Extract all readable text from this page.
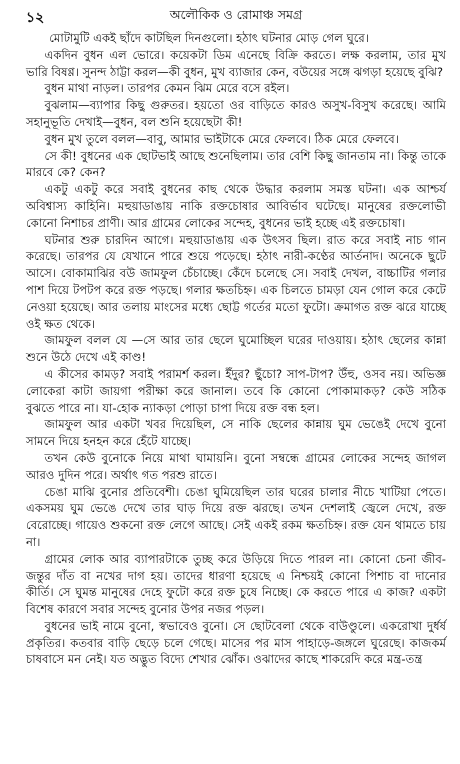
১২	অলৌকিক ও রোমাঞ্চ সমগ্র

মোটামুটি একই ছাঁদে কাটছিল দিনগুলো। হঠাৎ ঘটনার মোড় গেল ঘুরে।

একদিন বুধন এল ভোরে। কয়েকটা ডিম এনেছে বিক্রি করতে। লক্ষ করলাম, তার মুখ ভারি বিষণ্ণ। সুনন্দ ঠাট্টা করল—কী বুধন, মুখ ব্যাজার কেন, বউয়ের সঙ্গে ঝগড়া হয়েছে বুঝি?

বুধন মাথা নাড়ল। তারপর কেমন ঝিম মেরে বসে রইল।

বুঝলাম—ব্যাপার কিছু গুরুতর। হয়তো ওর বাড়িতে কারও অসুখ-বিসুখ করেছে। আমি সহানুভূতি দেখাই—বুধন, বল শুনি হয়েছেটা কী!

বুধন মুখ তুলে বলল—বাবু, আমার ভাইটাকে মেরে ফেলবে। ঠিক মেরে ফেলবে।

সে কী! বুধনের এক ছোটভাই আছে শুনেছিলাম। তার বেশি কিছু জানতাম না। কিন্তু তাকে মারবে কে? কেন?

একটু একটু করে সবাই বুধনের কাছ থেকে উদ্ধার করলাম সমস্ত ঘটনা। এক আশ্চর্য অবিশ্বাস্য কাহিনি। মহুয়াডাঙায় নাকি রক্তচোষার আবির্ভাব ঘটেছে। মানুষের রক্তলোভী কোনো নিশাচর প্রাণী। আর গ্রামের লোকের সন্দেহ, বুধনের ভাই হচ্ছে এই রক্তচোষা।

ঘটনার শুরু চারদিন আগে। মহুয়াডাঙায় এক উৎসব ছিল। রাত করে সবাই নাচ গান করেছে। তারপর যে যেখানে পারে শুয়ে পড়েছে। হঠাৎ নারী-কণ্ঠের আর্তনাদ। অনেকে ছুটে আসে। বোকামাঝির বউ জামফুল চেঁচাচ্ছে। কেঁদে চলেছে সে। সবাই দেখল, বাচ্চাটির গলার পাশ দিয়ে টপটপ করে রক্ত পড়ছে। গলার ক্ষতচিহ্ন। এক চিলতে চামড়া যেন গোল করে কেটে নেওয়া হয়েছে। আর তলায় মাংসের মধ্যে ছোট্ট গর্তের মতো ফুটো। ক্রমাগত রক্ত ঝরে যাচ্ছে ওই ক্ষত থেকে।

জামফুল বলল যে —সে আর তার ছেলে ঘুমোচ্ছিল ঘরের দাওয়ায়। হঠাৎ ছেলের কান্না শুনে উঠে দেখে এই কাণ্ড!

এ কীসের কামড়? সবাই পরামর্শ করল। ইঁদুর? ছুঁচো? সাপ-টাপ? উঁহু, ওসব নয়। অভিজ্ঞ লোকেরা কাটা জায়গা পরীক্ষা করে জানাল। তবে কি কোনো পোকামাকড়? কেউ সঠিক বুঝতে পারে না। যা-হোক ন্যাকড়া পোড়া চাপা দিয়ে রক্ত বন্ধ হল।

জামফুল আর একটা খবর দিয়েছিল, সে নাকি ছেলের কান্নায় ঘুম ভেঙেই দেখে বুনো সামনে দিয়ে হনহন করে হেঁটে যাচ্ছে।

তখন কেউ বুনোকে নিয়ে মাথা ঘামায়নি। বুনো সম্বন্ধে গ্রামের লোকের সন্দেহ জাগল আরও দুদিন পরে। অর্থাৎ গত পরশু রাতে।

চেঙা মাঝি বুনোর প্রতিবেশী। চেঙা ঘুমিয়েছিল তার ঘরের চালার নীচে খাটিয়া পেতে। একসময় ঘুম ভেঙে দেখে তার ঘাড় দিয়ে রক্ত ঝরছে। তখন দেশলাই জ্বেলে দেখে, রক্ত বেরোচ্ছে। গায়েও শুকনো রক্ত লেগে আছে। সেই একই রকম ক্ষতচিহ্ন। রক্ত যেন থামতে চায় না।

গ্রামের লোক আর ব্যাপারটাকে তুচ্ছ করে উড়িয়ে দিতে পারল না। কোনো চেনা জীব-জন্তুর দাঁত বা নখের দাগ হয়। তাদের ধারণা হয়েছে এ নিশ্চয়ই কোনো পিশাচ বা দানোর কীর্তি। সে ঘুমন্ত মানুষের দেহে ফুটো করে রক্ত চুষে নিচ্ছে। কে করতে পারে এ কাজ? একটা বিশেষ কারণে সবার সন্দেহ বুনোর উপর নজর পড়ল।

বুধনের ভাই নামে বুনো, স্বভাবেও বুনো। সে ছোটবেলা থেকে বাউণ্ডুলে। একরোখা দুর্ধর্ষ প্রকৃতির। কতবার বাড়ি ছেড়ে চলে গেছে। মাসের পর মাস পাহাড়ে-জঙ্গলে ঘুরেছে। কাজকর্ম চাষবাসে মন নেই। যত অদ্ভুত বিদ্যে শেখার ঝোঁক। ওঝাদের কাছে শাকরেদি করে মন্ত্র-তন্ত্র
